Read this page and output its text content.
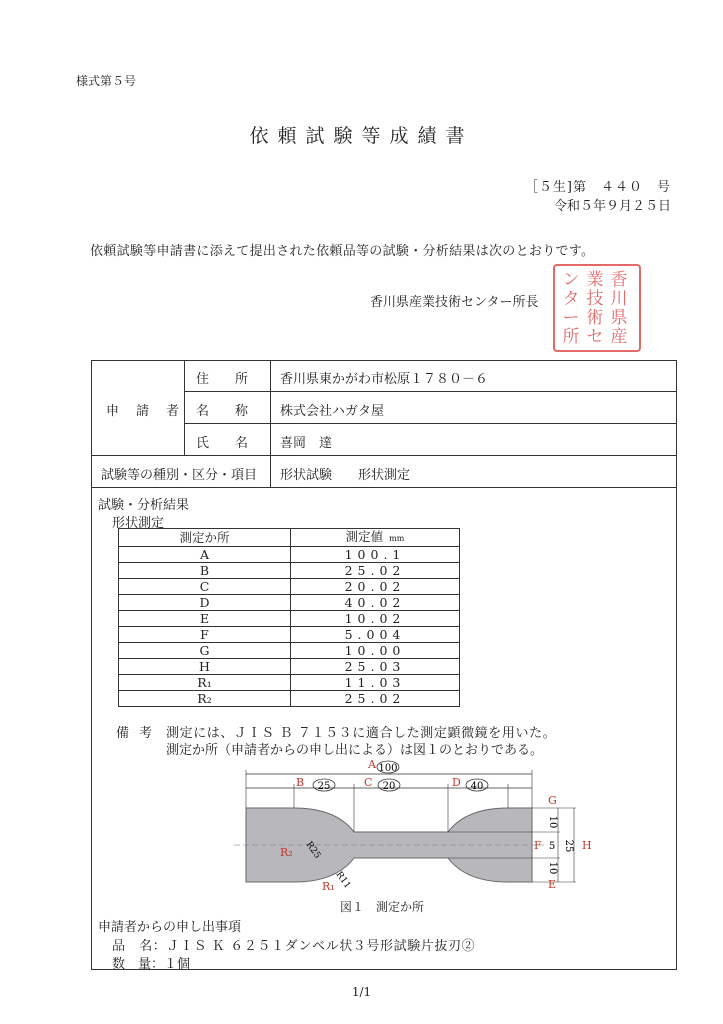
様式第５号
依頼試験等成績書
［５生]第　４４０　号
令和５年９月２５日
依頼試験等申請書に添えて提出された依頼品等の試験・分析結果は次のとおりです。
香川県産業技術センター所長
香
川
県
産
業
技
術
セ
ン
タ
ー
所
申　請　者
住　　所 香川県東かがわ市松原１７８０－６
名　　称 株式会社ハガタ屋
氏　　名 喜岡　達
試験等の種別・区分・項目 形状試験 形状測定
試験・分析結果
形状測定
測定か所	測定値 mm
A	100.1
B	25.02
C	20.02
D	40.02
E	10.02
F	5.004
G	10.00
H	25.03
R₁	11.03
R₂	25.02
備考 測定には、ＪＩＳ Ｂ ７１５３に適合した測定顕微鏡を用いた。
測定か所（申請者からの申し出による）は図１のとおりである。
A 100
B 25	C 20	D 40
G
10
F 5
E
10
25 H
R₂ R25
R₁
R11
図１　測定か所
申請者からの申し出事項
品　名：ＪＩＳ Ｋ ６２５１ダンベル状３号形試験片抜刃②
数　量：１個
1/1
